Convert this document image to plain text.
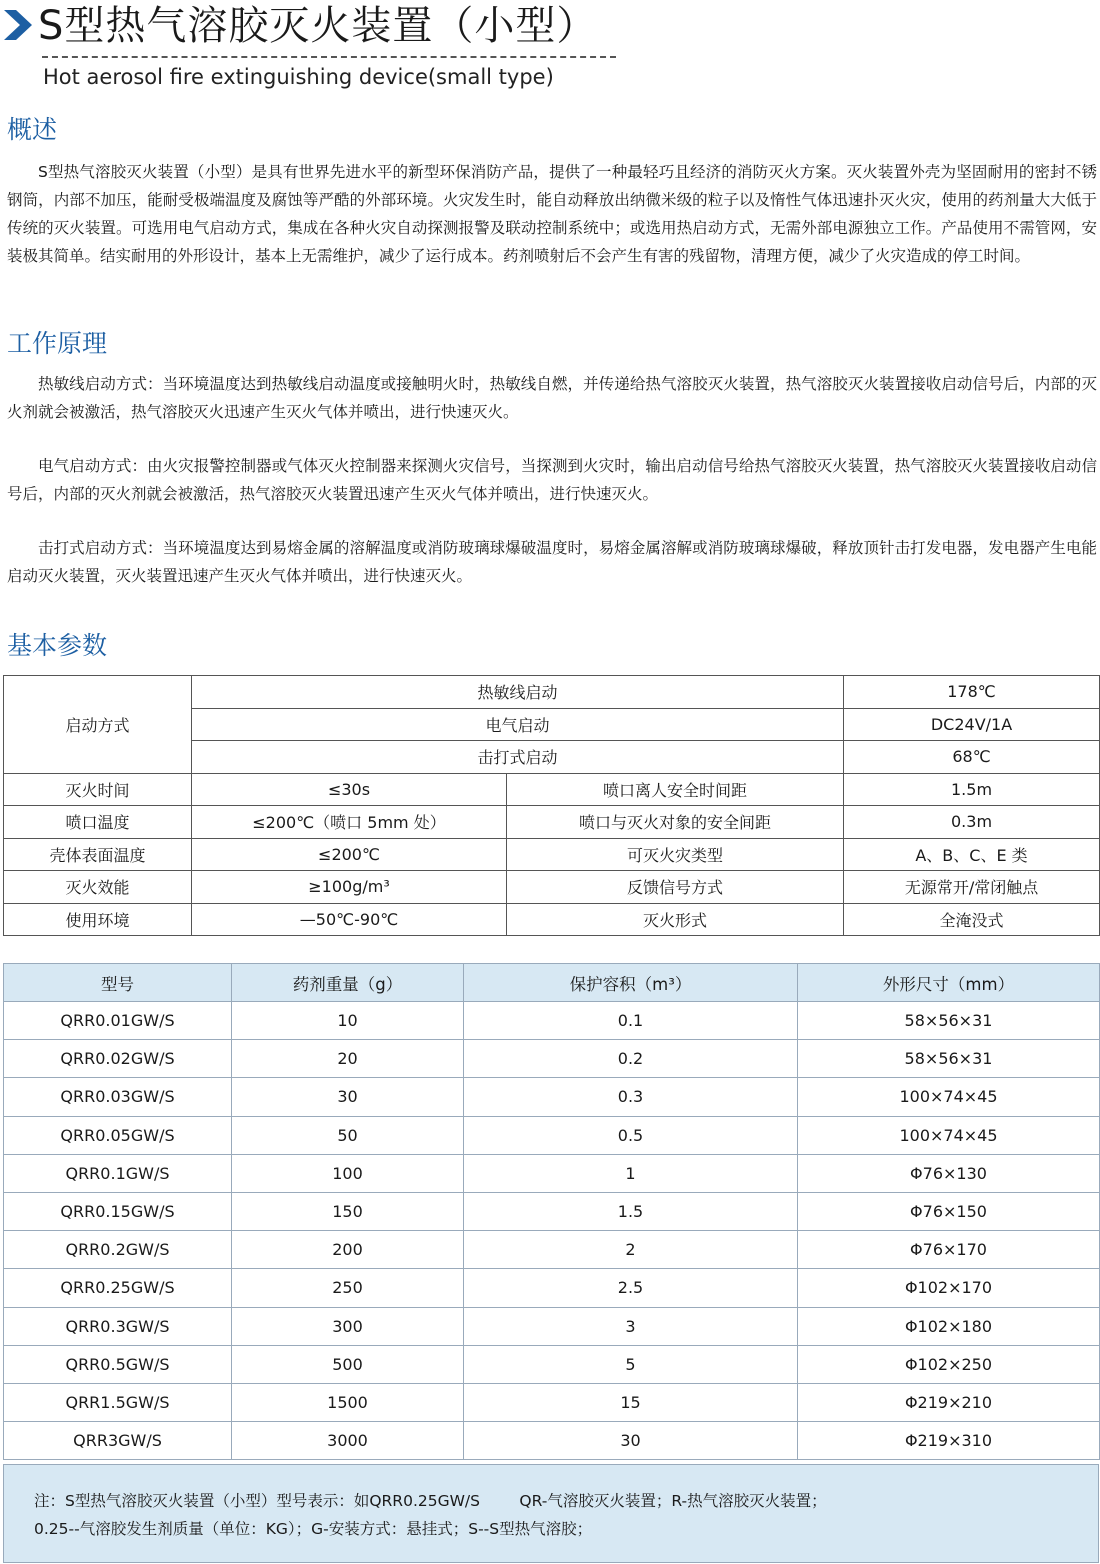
S型热气溶胶灭火装置（小型）
Hot aerosol fire extinguishing device(small type)
概述
S型热气溶胶灭火装置（小型）是具有世界先进水平的新型环保消防产品，提供了一种最轻巧且经济的消防灭火方案。灭火装置外壳为坚固耐用的密封不锈钢筒，内部不加压，能耐受极端温度及腐蚀等严酷的外部环境。火灾发生时，能自动释放出纳微米级的粒子以及惰性气体迅速扑灭火灾，使用的药剂量大大低于传统的灭火装置。可选用电气启动方式，集成在各种火灾自动探测报警及联动控制系统中；或选用热启动方式，无需外部电源独立工作。产品使用不需管网，安装极其简单。结实耐用的外形设计，基本上无需维护，减少了运行成本。药剂喷射后不会产生有害的残留物，清理方便，减少了火灾造成的停工时间。
工作原理
热敏线启动方式：当环境温度达到热敏线启动温度或接触明火时，热敏线自燃，并传递给热气溶胶灭火装置，热气溶胶灭火装置接收启动信号后，内部的灭火剂就会被激活，热气溶胶灭火迅速产生灭火气体并喷出，进行快速灭火。
电气启动方式：由火灾报警控制器或气体灭火控制器来探测火灾信号，当探测到火灾时，输出启动信号给热气溶胶灭火装置，热气溶胶灭火装置接收启动信号后，内部的灭火剂就会被激活，热气溶胶灭火装置迅速产生灭火气体并喷出，进行快速灭火。
击打式启动方式：当环境温度达到易熔金属的溶解温度或消防玻璃球爆破温度时，易熔金属溶解或消防玻璃球爆破，释放顶针击打发电器，发电器产生电能启动灭火装置，灭火装置迅速产生灭火气体并喷出，进行快速灭火。
基本参数
启动方式	热敏线启动		178℃
	电气启动		DC24V/1A
	击打式启动		68℃
灭火时间	≤30s	喷口离人安全时间距	1.5m
喷口温度	≤200℃（喷口 5mm 处）	喷口与灭火对象的安全间距	0.3m
壳体表面温度	≤200℃	可灭火灾类型	A、B、C、E 类
灭火效能	≥100g/m³	反馈信号方式	无源常开/常闭触点
使用环境	—50℃-90℃	灭火形式	全淹没式
型号	药剂重量（g）	保护容积（m³）	外形尺寸（mm）
QRR0.01GW/S	10	0.1	58×56×31
QRR0.02GW/S	20	0.2	58×56×31
QRR0.03GW/S	30	0.3	100×74×45
QRR0.05GW/S	50	0.5	100×74×45
QRR0.1GW/S	100	1	Φ76×130
QRR0.15GW/S	150	1.5	Φ76×150
QRR0.2GW/S	200	2	Φ76×170
QRR0.25GW/S	250	2.5	Φ102×170
QRR0.3GW/S	300	3	Φ102×180
QRR0.5GW/S	500	5	Φ102×250
QRR1.5GW/S	1500	15	Φ219×210
QRR3GW/S	3000	30	Φ219×310
注：S型热气溶胶灭火装置（小型）型号表示：如QRR0.25GW/S        QR-气溶胶灭火装置；R-热气溶胶灭火装置；
0.25--气溶胶发生剂质量（单位：KG）；G-安装方式：悬挂式；S--S型热气溶胶；
